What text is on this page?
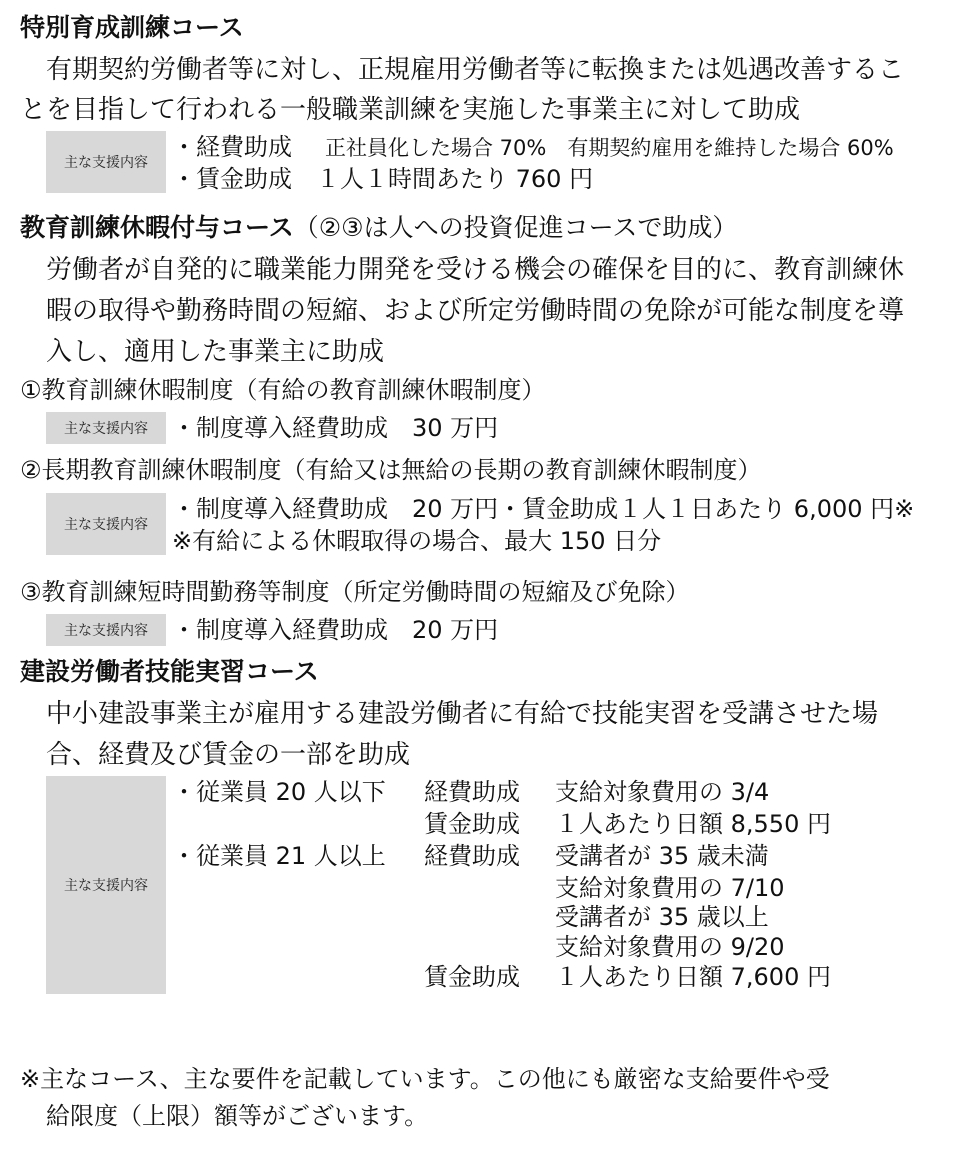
特別育成訓練コース
有期契約労働者等に対し、正規雇用労働者等に転換または処遇改善するこ
とを目指して行われる一般職業訓練を実施した事業主に対して助成
主な支援内容
・経費助成 正社員化した場合 70%　有期契約雇用を維持した場合 60%
・賃金助成　１人１時間あたり 760 円
教育訓練休暇付与コース（②③は人への投資促進コースで助成）
労働者が自発的に職業能力開発を受ける機会の確保を目的に、教育訓練休
暇の取得や勤務時間の短縮、および所定労働時間の免除が可能な制度を導
入し、適用した事業主に助成
①教育訓練休暇制度（有給の教育訓練休暇制度）
主な支援内容	・制度導入経費助成　30 万円
②長期教育訓練休暇制度（有給又は無給の長期の教育訓練休暇制度）
主な支援内容
・制度導入経費助成　20 万円・賃金助成１人１日あたり 6,000 円※
※有給による休暇取得の場合、最大 150 日分
③教育訓練短時間勤務等制度（所定労働時間の短縮及び免除）
主な支援内容	・制度導入経費助成　20 万円
建設労働者技能実習コース
中小建設事業主が雇用する建設労働者に有給で技能実習を受講させた場
合、経費及び賃金の一部を助成
主な支援内容
・従業員 20 人以下 経費助成 支給対象費用の 3/4
賃金助成 １人あたり日額 8,550 円
・従業員 21 人以上 経費助成 受講者が 35 歳未満
支給対象費用の 7/10
受講者が 35 歳以上
支給対象費用の 9/20
賃金助成 １人あたり日額 7,600 円
※主なコース、主な要件を記載しています。この他にも厳密な支給要件や受
給限度（上限）額等がございます。
